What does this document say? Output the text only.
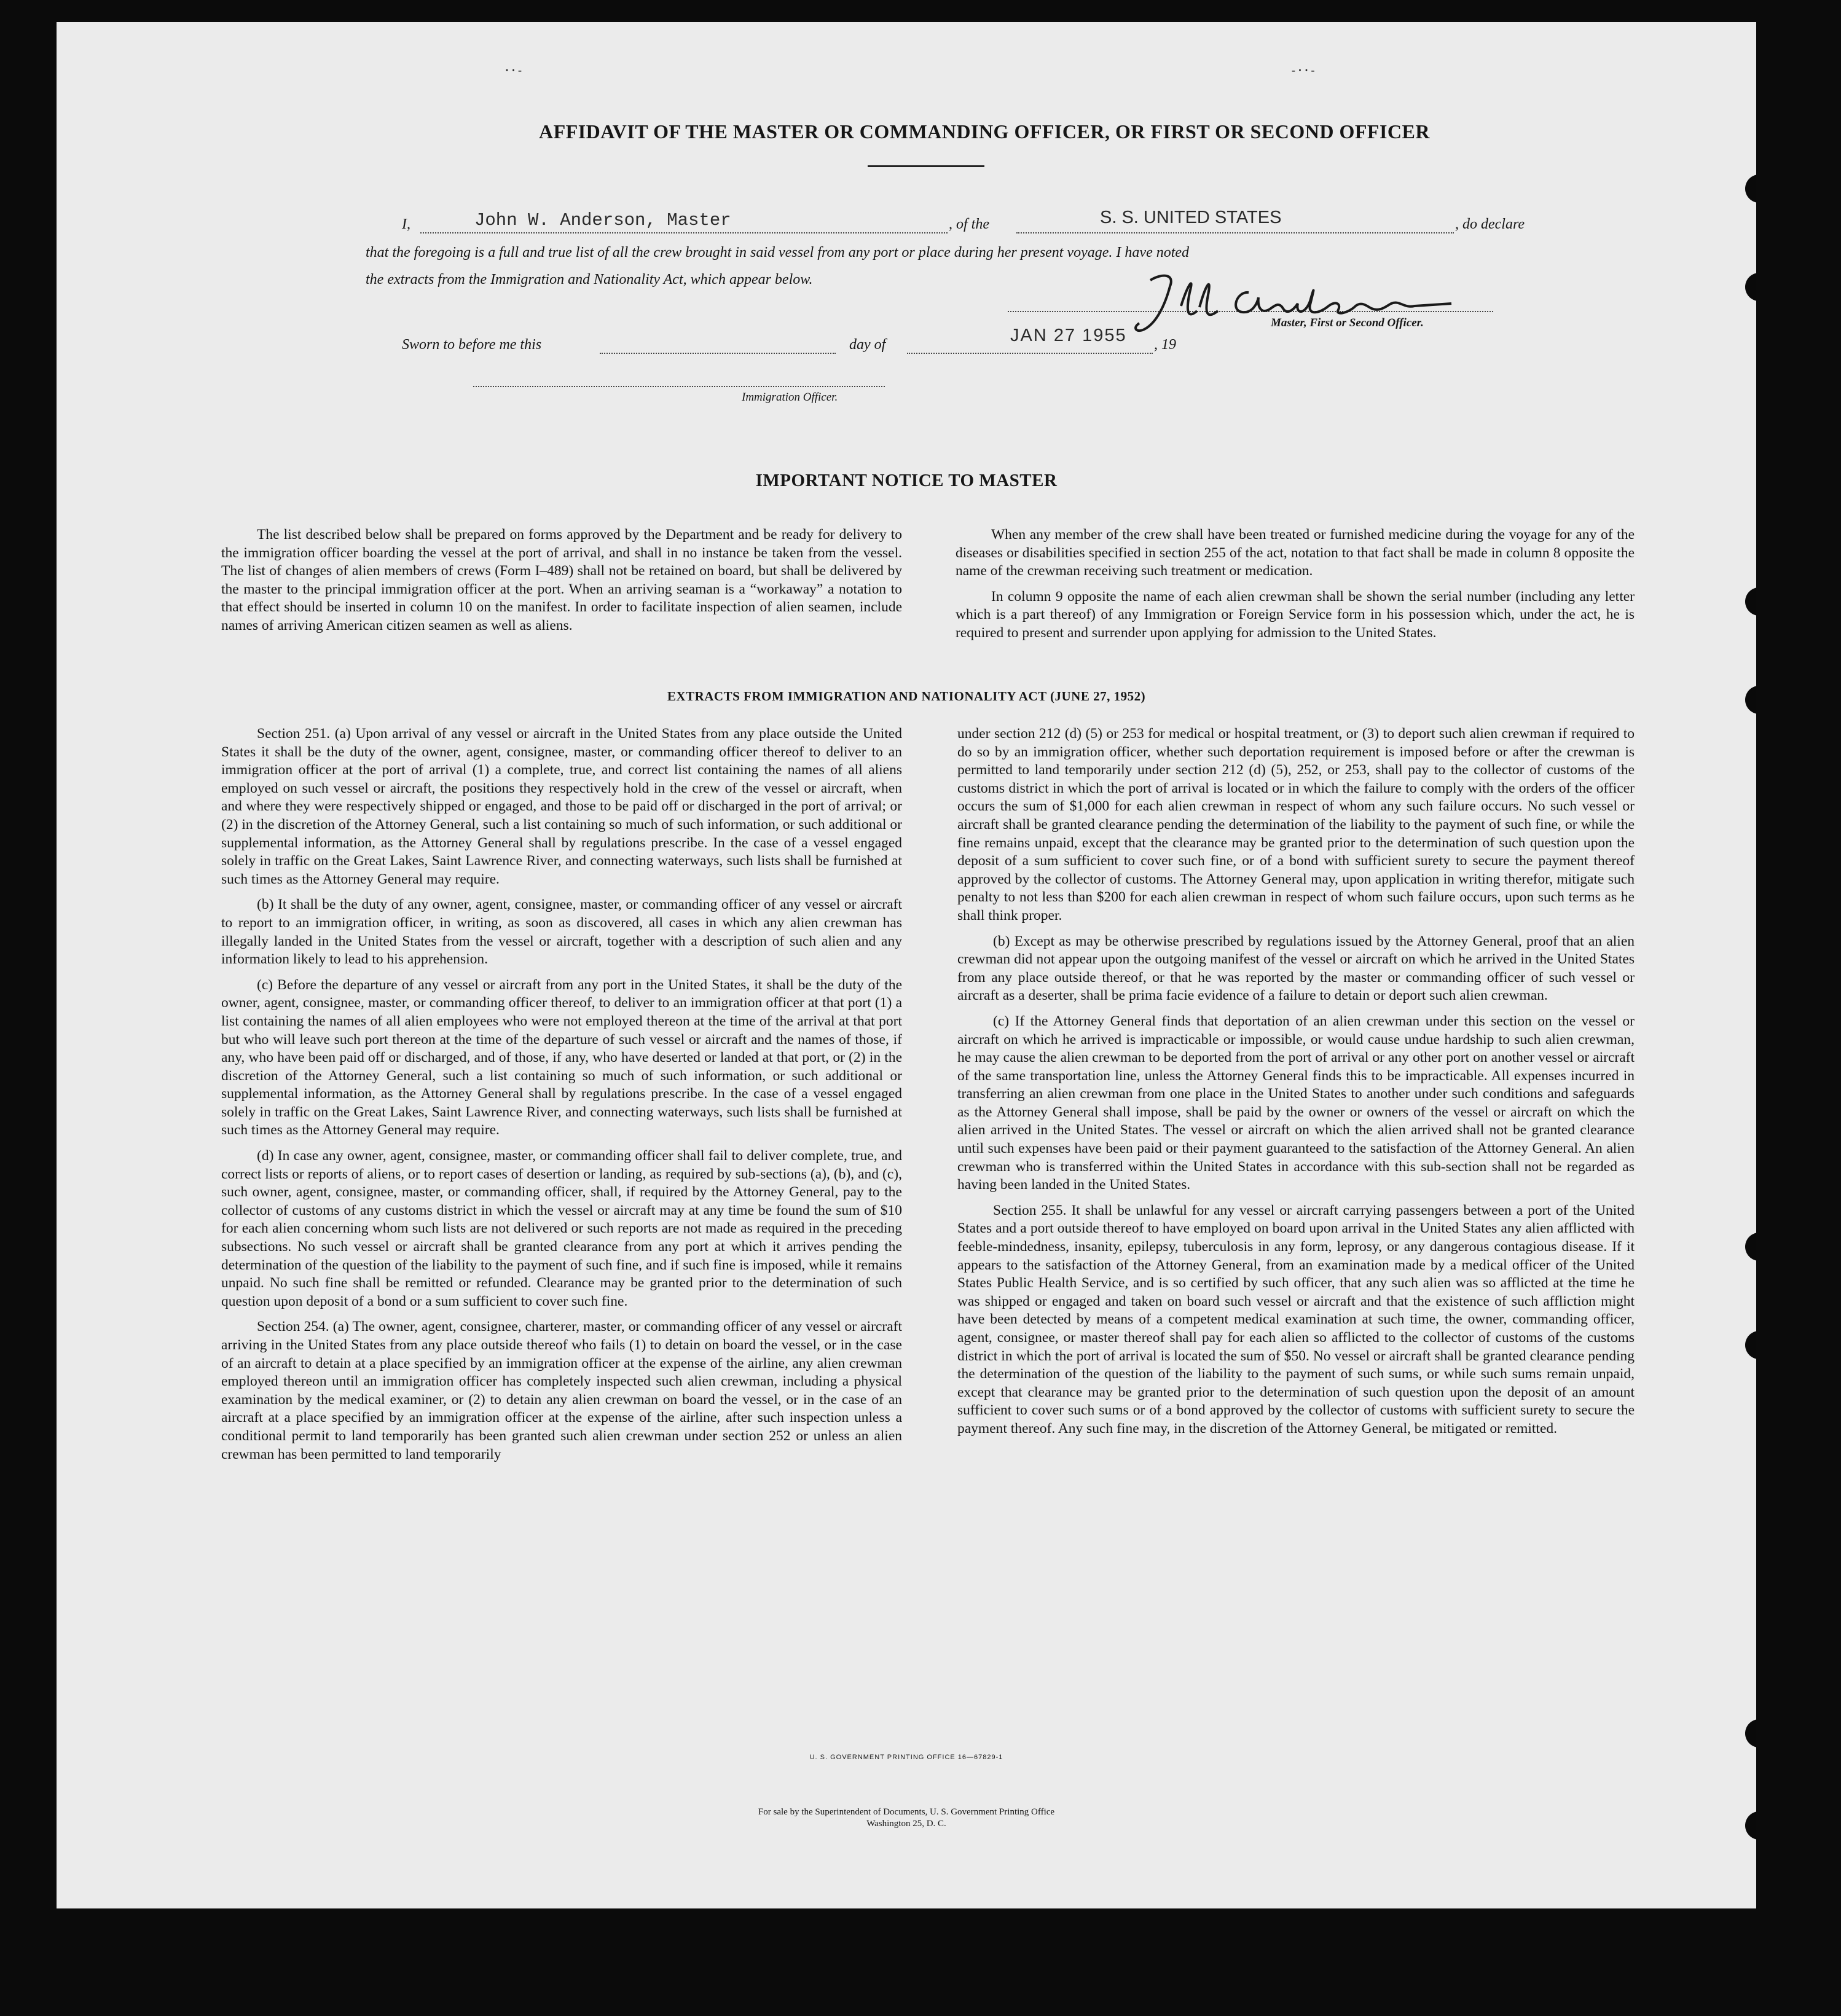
· · ‐	‐ · · ‐
AFFIDAVIT OF THE MASTER OR COMMANDING OFFICER, OR FIRST OR SECOND OFFICER
I,	John W. Anderson, Master	, of the	S. S. UNITED STATES	, do declare
that the foregoing is a full and true list of all the crew brought in said vessel from any port or place during her present voyage. I have noted
the extracts from the Immigration and Nationality Act, which appear below.
J W Anderson
Master, First or Second Officer.
Sworn to before me this	day of	JAN 27 1955 , 19
Immigration Officer.
IMPORTANT NOTICE TO MASTER

The list described below shall be prepared on forms approved by the Department and be ready for delivery to the immigration officer boarding the vessel at the port of arrival, and shall in no instance be taken from the vessel. The list of changes of alien members of crews (Form I–489) shall not be retained on board, but shall be delivered by the master to the principal immigration officer at the port. When an arriving seaman is a “workaway” a notation to that effect should be inserted in column 10 on the manifest. In order to facilitate inspection of alien seamen, include names of arriving American citizen seamen as well as aliens.

When any member of the crew shall have been treated or furnished medicine during the voyage for any of the diseases or disabilities specified in section 255 of the act, notation to that fact shall be made in column 8 opposite the name of the crewman receiving such treatment or medication.

In column 9 opposite the name of each alien crewman shall be shown the serial number (including any letter which is a part thereof) of any Immigration or Foreign Service form in his possession which, under the act, he is required to present and surrender upon applying for admission to the United States.

EXTRACTS FROM IMMIGRATION AND NATIONALITY ACT (JUNE 27, 1952)

Section 251. (a) Upon arrival of any vessel or aircraft in the United States from any place outside the United States it shall be the duty of the owner, agent, consignee, master, or commanding officer thereof to deliver to an immigration officer at the port of arrival (1) a complete, true, and correct list containing the names of all aliens employed on such vessel or aircraft, the positions they respectively hold in the crew of the vessel or aircraft, when and where they were respectively shipped or engaged, and those to be paid off or discharged in the port of arrival; or (2) in the discretion of the Attorney General, such a list containing so much of such information, or such additional or supplemental information, as the Attorney General shall by regulations prescribe. In the case of a vessel engaged solely in traffic on the Great Lakes, Saint Lawrence River, and connecting waterways, such lists shall be furnished at such times as the Attorney General may require.

(b) It shall be the duty of any owner, agent, consignee, master, or commanding officer of any vessel or aircraft to report to an immigration officer, in writing, as soon as discovered, all cases in which any alien crewman has illegally landed in the United States from the vessel or aircraft, together with a description of such alien and any information likely to lead to his apprehension.

(c) Before the departure of any vessel or aircraft from any port in the United States, it shall be the duty of the owner, agent, consignee, master, or commanding officer thereof, to deliver to an immigration officer at that port (1) a list containing the names of all alien employees who were not employed thereon at the time of the arrival at that port but who will leave such port thereon at the time of the departure of such vessel or aircraft and the names of those, if any, who have been paid off or discharged, and of those, if any, who have deserted or landed at that port, or (2) in the discretion of the Attorney General, such a list containing so much of such information, or such additional or supplemental information, as the Attorney General shall by regulations prescribe. In the case of a vessel engaged solely in traffic on the Great Lakes, Saint Lawrence River, and connecting waterways, such lists shall be furnished at such times as the Attorney General may require.

(d) In case any owner, agent, consignee, master, or commanding officer shall fail to deliver complete, true, and correct lists or reports of aliens, or to report cases of desertion or landing, as required by sub-sections (a), (b), and (c), such owner, agent, consignee, master, or commanding officer, shall, if required by the Attorney General, pay to the collector of customs of any customs district in which the vessel or aircraft may at any time be found the sum of $10 for each alien concerning whom such lists are not delivered or such reports are not made as required in the preceding subsections. No such vessel or aircraft shall be granted clearance from any port at which it arrives pending the determination of the question of the liability to the payment of such fine, and if such fine is imposed, while it remains unpaid. No such fine shall be remitted or refunded. Clearance may be granted prior to the determination of such question upon deposit of a bond or a sum sufficient to cover such fine.

Section 254. (a) The owner, agent, consignee, charterer, master, or commanding officer of any vessel or aircraft arriving in the United States from any place outside thereof who fails (1) to detain on board the vessel, or in the case of an aircraft to detain at a place specified by an immigration officer at the expense of the airline, any alien crewman employed thereon until an immigration officer has completely inspected such alien crewman, including a physical examination by the medical examiner, or (2) to detain any alien crewman on board the vessel, or in the case of an aircraft at a place specified by an immigration officer at the expense of the airline, after such inspection unless a conditional permit to land temporarily has been granted such alien crewman under section 252 or unless an alien crewman has been permitted to land temporarily

under section 212 (d) (5) or 253 for medical or hospital treatment, or (3) to deport such alien crewman if required to do so by an immigration officer, whether such deportation requirement is imposed before or after the crewman is permitted to land temporarily under section 212 (d) (5), 252, or 253, shall pay to the collector of customs of the customs district in which the port of arrival is located or in which the failure to comply with the orders of the officer occurs the sum of $1,000 for each alien crewman in respect of whom any such failure occurs. No such vessel or aircraft shall be granted clearance pending the determination of the liability to the payment of such fine, or while the fine remains unpaid, except that the clearance may be granted prior to the determination of such question upon the deposit of a sum sufficient to cover such fine, or of a bond with sufficient surety to secure the payment thereof approved by the collector of customs. The Attorney General may, upon application in writing therefor, mitigate such penalty to not less than $200 for each alien crewman in respect of whom such failure occurs, upon such terms as he shall think proper.

(b) Except as may be otherwise prescribed by regulations issued by the Attorney General, proof that an alien crewman did not appear upon the outgoing manifest of the vessel or aircraft on which he arrived in the United States from any place outside thereof, or that he was reported by the master or commanding officer of such vessel or aircraft as a deserter, shall be prima facie evidence of a failure to detain or deport such alien crewman.

(c) If the Attorney General finds that deportation of an alien crewman under this section on the vessel or aircraft on which he arrived is impracticable or impossible, or would cause undue hardship to such alien crewman, he may cause the alien crewman to be deported from the port of arrival or any other port on another vessel or aircraft of the same transportation line, unless the Attorney General finds this to be impracticable. All expenses incurred in transferring an alien crewman from one place in the United States to another under such conditions and safeguards as the Attorney General shall impose, shall be paid by the owner or owners of the vessel or aircraft on which the alien arrived in the United States. The vessel or aircraft on which the alien arrived shall not be granted clearance until such expenses have been paid or their payment guaranteed to the satisfaction of the Attorney General. An alien crewman who is transferred within the United States in accordance with this sub-section shall not be regarded as having been landed in the United States.

Section 255. It shall be unlawful for any vessel or aircraft carrying passengers between a port of the United States and a port outside thereof to have employed on board upon arrival in the United States any alien afflicted with feeble-mindedness, insanity, epilepsy, tuberculosis in any form, leprosy, or any dangerous contagious disease. If it appears to the satisfaction of the Attorney General, from an examination made by a medical officer of the United States Public Health Service, and is so certified by such officer, that any such alien was so afflicted at the time he was shipped or engaged and taken on board such vessel or aircraft and that the existence of such affliction might have been detected by means of a competent medical examination at such time, the owner, commanding officer, agent, consignee, or master thereof shall pay for each alien so afflicted to the collector of customs of the customs district in which the port of arrival is located the sum of $50. No vessel or aircraft shall be granted clearance pending the determination of the question of the liability to the payment of such sums, or while such sums remain unpaid, except that clearance may be granted prior to the determination of such question upon the deposit of an amount sufficient to cover such sums or of a bond approved by the collector of customs with sufficient surety to secure the payment thereof. Any such fine may, in the discretion of the Attorney General, be mitigated or remitted.

U. S. GOVERNMENT PRINTING OFFICE 16—67829-1
For sale by the Superintendent of Documents, U. S. Government Printing Office
Washington 25, D. C.
